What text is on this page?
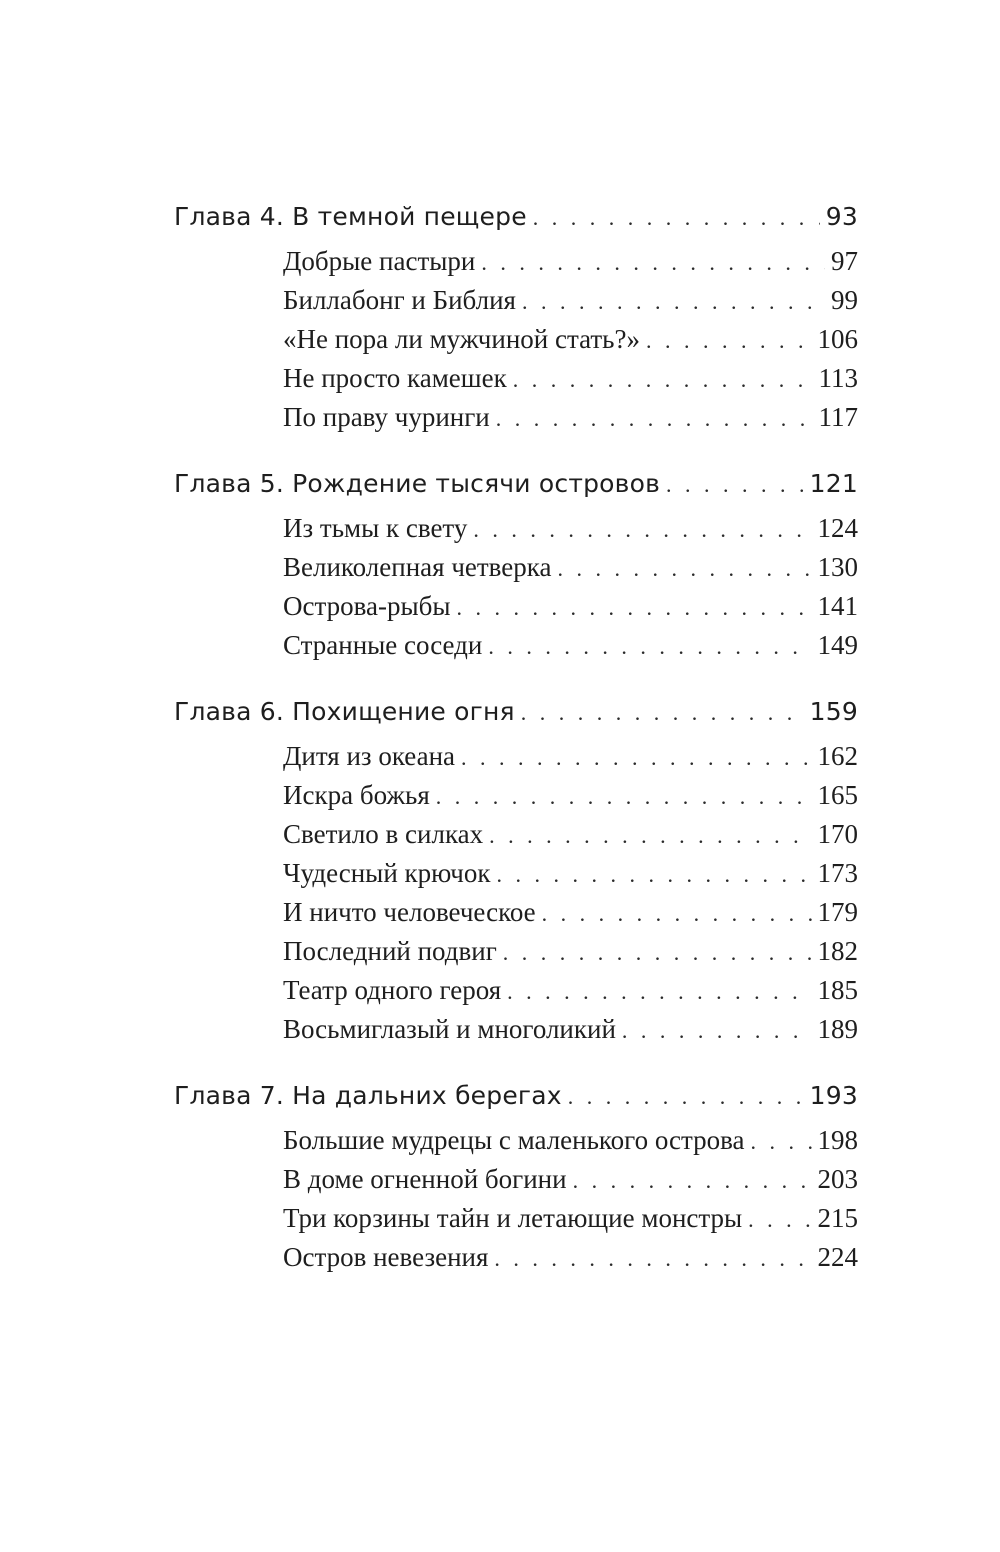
Глава 4. В темной пещере . . .	93
Добрые пастыри . . .	97
Биллабонг и Библия . . .	99
«Не пора ли мужчиной стать?» . . .	106
Не просто камешек . . .	113
По праву чуринги . . .	117
Глава 5. Рождение тысячи островов . . .	121
Из тьмы к свету . . .	124
Великолепная четверка . . .	130
Острова-рыбы . . .	141
Странные соседи . . .	149
Глава 6. Похищение огня . . .	159
Дитя из океана . . .	162
Искра божья . . .	165
Светило в силках . . .	170
Чудесный крючок . . .	173
И ничто человеческое . . .	179
Последний подвиг . . .	182
Театр одного героя . . .	185
Восьмиглазый и многоликий . . .	189
Глава 7. На дальних берегах . . .	193
Большие мудрецы с маленького острова . . .	198
В доме огненной богини . . .	203
Три корзины тайн и летающие монстры . . .	215
Остров невезения . . .	224
